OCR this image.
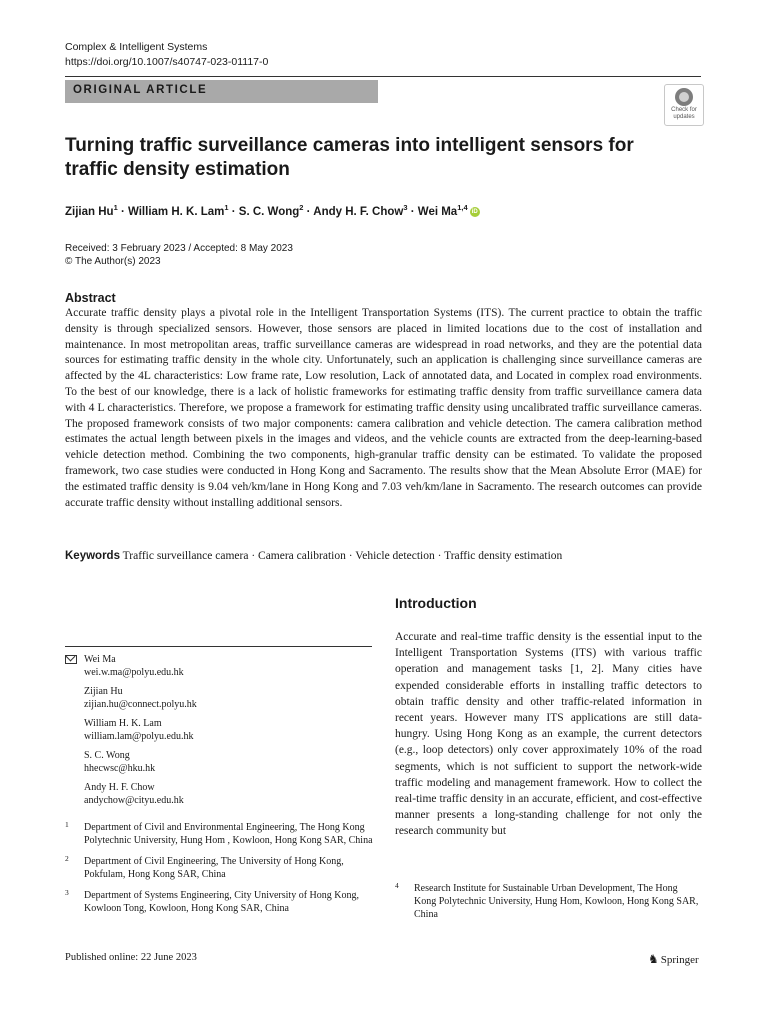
Complex & Intelligent Systems
https://doi.org/10.1007/s40747-023-01117-0
ORIGINAL ARTICLE
Check for
updates
Turning traffic surveillance cameras into intelligent sensors for traffic density estimation
Zijian $Hu^1$ · William H. K. Lam$^1$ · S. C. Wong$^2$ · Andy H. F. Chow$^3$ · Wei Ma$^{1,4}$ iD
Received: 3 February 2023 / Accepted: 8 May 2023
© The Author(s) 2023
Abstract
Accurate traffic density plays a pivotal role in the Intelligent Transportation Systems (ITS). The current practice to obtain the traffic density is through specialized sensors. However, those sensors are placed in limited locations due to the cost of installation and maintenance. In most metropolitan areas, traffic surveillance cameras are widespread in road networks, and they are the potential data sources for estimating traffic density in the whole city. Unfortunately, such an application is challenging since surveillance cameras are affected by the 4L characteristics: Low frame rate, Low resolution, Lack of annotated data, and Located in complex road environments. To the best of our knowledge, there is a lack of holistic frameworks for estimating traffic density from traffic surveillance camera data with 4 L characteristics. Therefore, we propose a framework for estimating traffic density using uncalibrated traffic surveillance cameras. The proposed framework consists of two major components: camera calibration and vehicle detection. The camera calibration method estimates the actual length between pixels in the images and videos, and the vehicle counts are extracted from the deep-learning-based vehicle detection method. Combining the two components, high-granular traffic density can be estimated. To validate the proposed framework, two case studies were conducted in Hong Kong and Sacramento. The results show that the Mean Absolute Error (MAE) for the estimated traffic density is 9.04 veh/km/lane in Hong Kong and 7.03 veh/km/lane in Sacramento. The research outcomes can provide accurate traffic density without installing additional sensors.
Keywords Traffic surveillance camera · Camera calibration · Vehicle detection · Traffic density estimation
Introduction
Accurate and real-time traffic density is the essential input to the Intelligent Transportation Systems (ITS) with various traffic operation and management tasks [1, 2]. Many cities have expended considerable efforts in installing traffic detectors to obtain traffic density and other traffic-related information in recent years. However many ITS applications are still data-hungry. Using Hong Kong as an example, the current detectors (e.g., loop detectors) only cover approximately 10% of the road segments, which is not sufficient to support the network-wide traffic modeling and management framework. How to collect the real-time traffic density in an accurate, efficient, and cost-effective manner presents a long-standing challenge for not only the research community but
Wei Ma
wei.w.ma@polyu.edu.hk
Zijian Hu
zijian.hu@connect.polyu.hk
William H. K. Lam
william.lam@polyu.edu.hk
S. C. Wong
hhecwsc@hku.hk
Andy H. F. Chow
andychow@cityu.edu.hk
1 Department of Civil and Environmental Engineering, The Hong Kong Polytechnic University, Hung Hom , Kowloon, Hong Kong SAR, China
2 Department of Civil Engineering, The University of Hong Kong, Pokfulam, Hong Kong SAR, China
3 Department of Systems Engineering, City University of Hong Kong, Kowloon Tong, Kowloon, Hong Kong SAR, China
4 Research Institute for Sustainable Urban Development, The Hong Kong Polytechnic University, Hung Hom, Kowloon, Hong Kong SAR, China
Published online: 22 June 2023	♞ Springer
